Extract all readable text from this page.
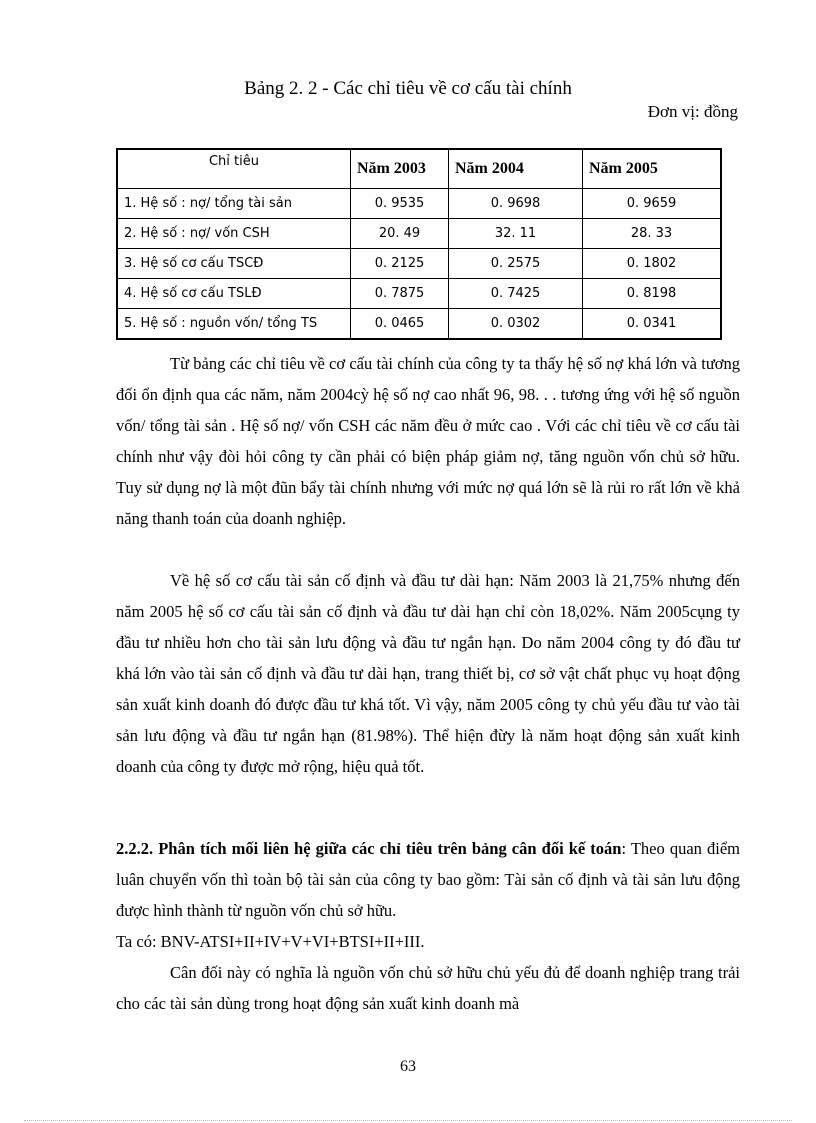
Bảng 2. 2 - Các chỉ tiêu về cơ cấu tài chính
Đơn vị: đồng
Chỉ tiêu	Năm 2003	Năm 2004	Năm 2005
1. Hệ số : nợ/ tổng tài sản	0. 9535	0. 9698	0. 9659
2. Hệ số : nợ/ vốn CSH	20. 49	32. 11	28. 33
3. Hệ số cơ cấu TSCĐ	0. 2125	0. 2575	0. 1802
4. Hệ số cơ cấu TSLĐ	0. 7875	0. 7425	0. 8198
5. Hệ số : nguồn vốn/ tổng TS	0. 0465	0. 0302	0. 0341
Từ bảng các chỉ tiêu về cơ cấu tài chính của công ty ta thấy hệ số nợ khá lớn và tương đối ổn định qua các năm, năm 2004cỳ hệ số nợ cao nhất 96, 98. . . tương ứng với hệ số nguồn vốn/ tổng tài sản . Hệ số nợ/ vốn CSH các năm đều ở mức cao . Với các chỉ tiêu về cơ cấu tài chính như vậy đòi hỏi công ty cần phải có biện pháp giảm nợ, tăng nguồn vốn chủ sở hữu. Tuy sử dụng nợ là một đũn bẩy tài chính nhưng với mức nợ quá lớn sẽ là rủi ro rất lớn về khả năng thanh toán của doanh nghiệp.
Về hệ số cơ cấu tài sản cố định và đầu tư dài hạn: Năm 2003 là 21,75% nhưng đến năm 2005 hệ số cơ cấu tài sản cố định và đầu tư dài hạn chỉ còn 18,02%. Năm 2005cụng ty đầu tư nhiều hơn cho tài sản lưu động và đầu tư ngắn hạn. Do năm 2004 công ty đó đầu tư khá lớn vào tài sản cố định và đầu tư dài hạn, trang thiết bị, cơ sở vật chất phục vụ hoạt động sản xuất kinh doanh đó được đầu tư khá tốt. Vì vậy, năm 2005 công ty chủ yếu đầu tư vào tài sản lưu động và đầu tư ngắn hạn (81.98%). Thể hiện đừy là năm hoạt động sản xuất kinh doanh của công ty được mở rộng, hiệu quả tốt.
2.2.2. Phân tích mối liên hệ giữa các chỉ tiêu trên bảng cân đối kế toán: Theo quan điểm luân chuyển vốn thì toàn bộ tài sản của công ty bao gồm: Tài sản cố định và tài sản lưu động được hình thành từ nguồn vốn chủ sở hữu.
Ta có: BNV-ATSI+II+IV+V+VI+BTSI+II+III.
Cân đối này có nghĩa là nguồn vốn chủ sở hữu chủ yếu đủ để doanh nghiệp trang trải cho các tài sản dùng trong hoạt động sản xuất kinh doanh mà
63
